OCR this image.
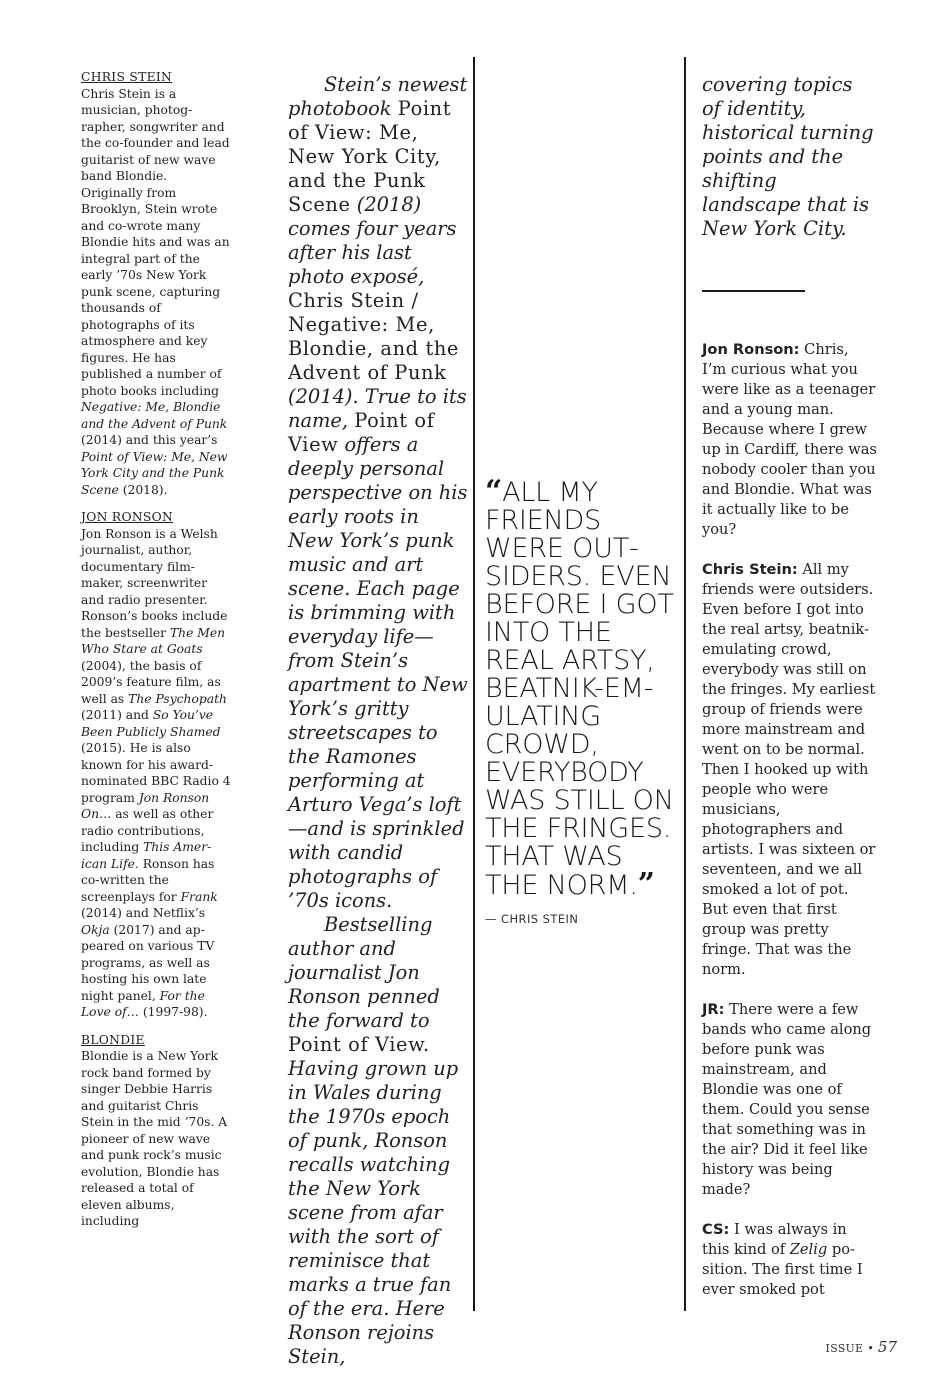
CHRIS STEIN
Chris Stein is a musician, photographer, songwriter and the co-founder and lead guitarist of new wave band Blondie. Originally from Brooklyn, Stein wrote and co-wrote many Blondie hits and was an integral part of the early ’70s New York punk scene, capturing thousands of photographs of its atmosphere and key figures. He has published a number of photo books including Negative: Me, Blondie and the Advent of Punk (2014) and this year’s Point of View: Me, New York City and the Punk Scene (2018).
JON RONSON
Jon Ronson is a Welsh journalist, author, documentary filmmaker, screenwriter and radio presenter. Ronson’s books include the bestseller The Men Who Stare at Goats (2004), the basis of 2009’s feature film, as well as The Psychopath (2011) and So You’ve Been Publicly Shamed (2015). He is also known for his award-nominated BBC Radio 4 program Jon Ronson On… as well as other radio contributions, including This American Life. Ronson has co-written the screenplays for Frank (2014) and Netflix’s Okja (2017) and appeared on various TV programs, as well as hosting his own late night panel, For the Love of… (1997-98).
BLONDIE
Blondie is a New York rock band formed by singer Debbie Harris and guitarist Chris Stein in the mid ’70s. A pioneer of new wave and punk rock’s music evolution, Blondie has released a total of eleven albums, including
Stein’s newest photobook Point of View: Me, New York City, and the Punk Scene (2018) comes four years after his last photo exposé, Chris Stein / Negative: Me, Blondie, and the Advent of Punk (2014). True to its name, Point of View offers a deeply personal perspective on his early roots in New York’s punk music and art scene. Each page is brimming with everyday life—from Stein’s apartment to New York’s gritty streetscapes to the Ramones performing at Arturo Vega’s loft—and is sprinkled with candid photographs of ’70s icons.
Bestselling author and journalist Jon Ronson penned the forward to Point of View. Having grown up in Wales during the 1970s epoch of punk, Ronson recalls watching the New York scene from afar with the sort of reminisce that marks a true fan of the era. Here Ronson rejoins Stein,

“ALL MY FRIENDS WERE OUTSIDERS. EVEN BEFORE I GOT INTO THE REAL ARTSY, BEATNIK-EMULATING CROWD, EVERYBODY WAS STILL ON THE FRINGES. THAT WAS THE NORM.”

— CHRIS STEIN

covering topics of identity, historical turning points and the shifting landscape that is New York City.

Jon Ronson: Chris, I’m curious what you were like as a teenager and a young man. Because where I grew up in Cardiff, there was nobody cooler than you and Blondie. What was it actually like to be you?

Chris Stein: All my friends were outsiders. Even before I got into the real artsy, beatnik-emulating crowd, everybody was still on the fringes. My earliest group of friends were more mainstream and went on to be normal. Then I hooked up with people who were musicians, photographers and artists. I was sixteen or seventeen, and we all smoked a lot of pot. But even that first group was pretty fringe. That was the norm.

JR: There were a few bands who came along before punk was mainstream, and Blondie was one of them. Could you sense that something was in the air? Did it feel like history was being made?

CS: I was always in this kind of Zelig position. The first time I ever smoked pot

ISSUE • 57
